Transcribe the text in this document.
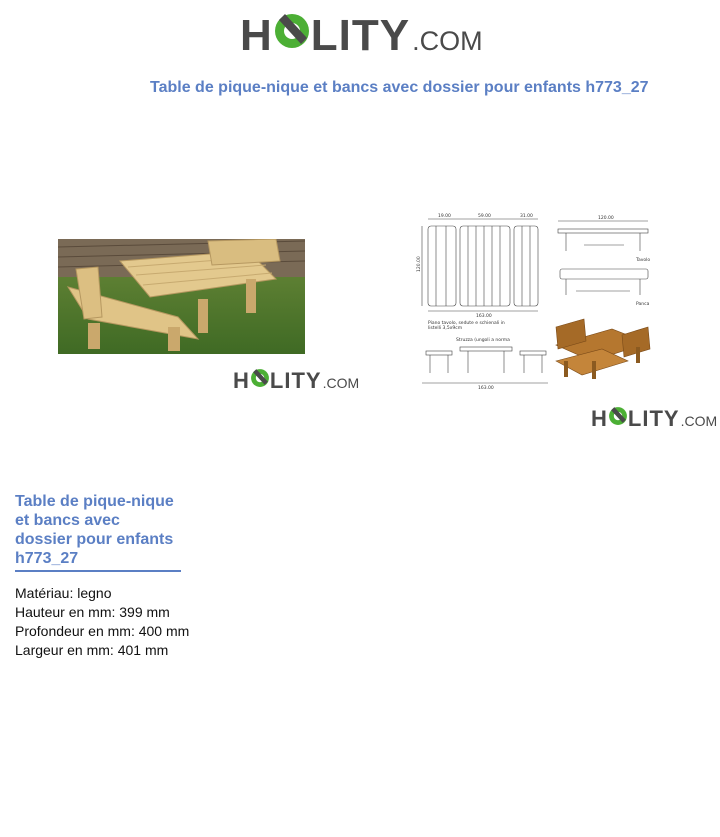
H LITY .COM
Table de pique-nique et bancs avec dossier pour enfants h773_27
H LITY .COM
19.00	59.00	31.00
120.00
163.00
Piano tavolo, sedute e schienali in
listelli 3,5x9cm
120.00
Tavolo
Panca
Struzza (ungoli a norma
163.00
H LITY .COM
Table de pique-nique et bancs avec dossier pour enfants h773_27
Matériau: legno
Hauteur en mm: 399 mm
Profondeur en mm: 400 mm
Largeur en mm: 401 mm
